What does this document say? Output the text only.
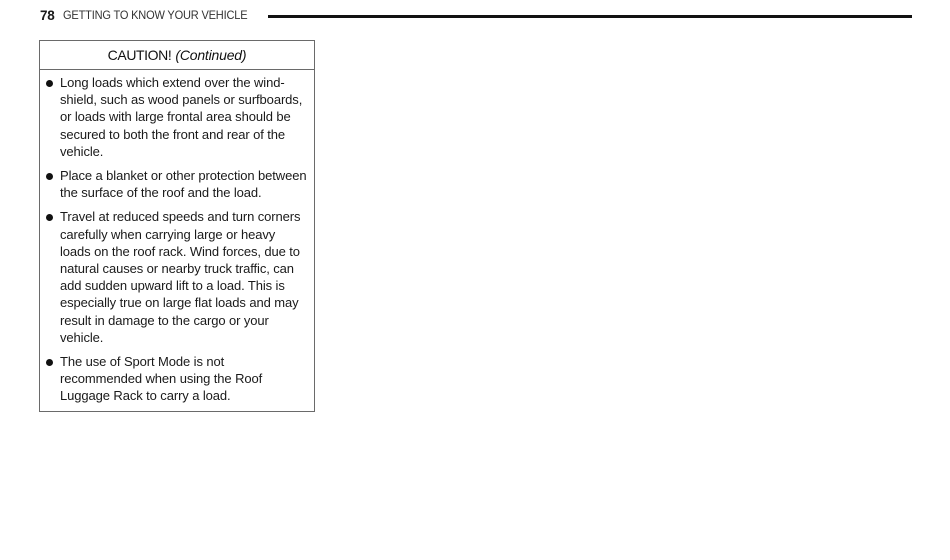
78 GETTING TO KNOW YOUR VEHICLE
CAUTION! (Continued)
Long loads which extend over the wind-shield, such as wood panels or surfboards, or loads with large frontal area should be secured to both the front and rear of the vehicle.
Place a blanket or other protection between the surface of the roof and the load.
Travel at reduced speeds and turn corners carefully when carrying large or heavy loads on the roof rack. Wind forces, due to natural causes or nearby truck traffic, can add sudden upward lift to a load. This is especially true on large flat loads and may result in damage to the cargo or your vehicle.
The use of Sport Mode is not recommended when using the Roof Luggage Rack to carry a load.
